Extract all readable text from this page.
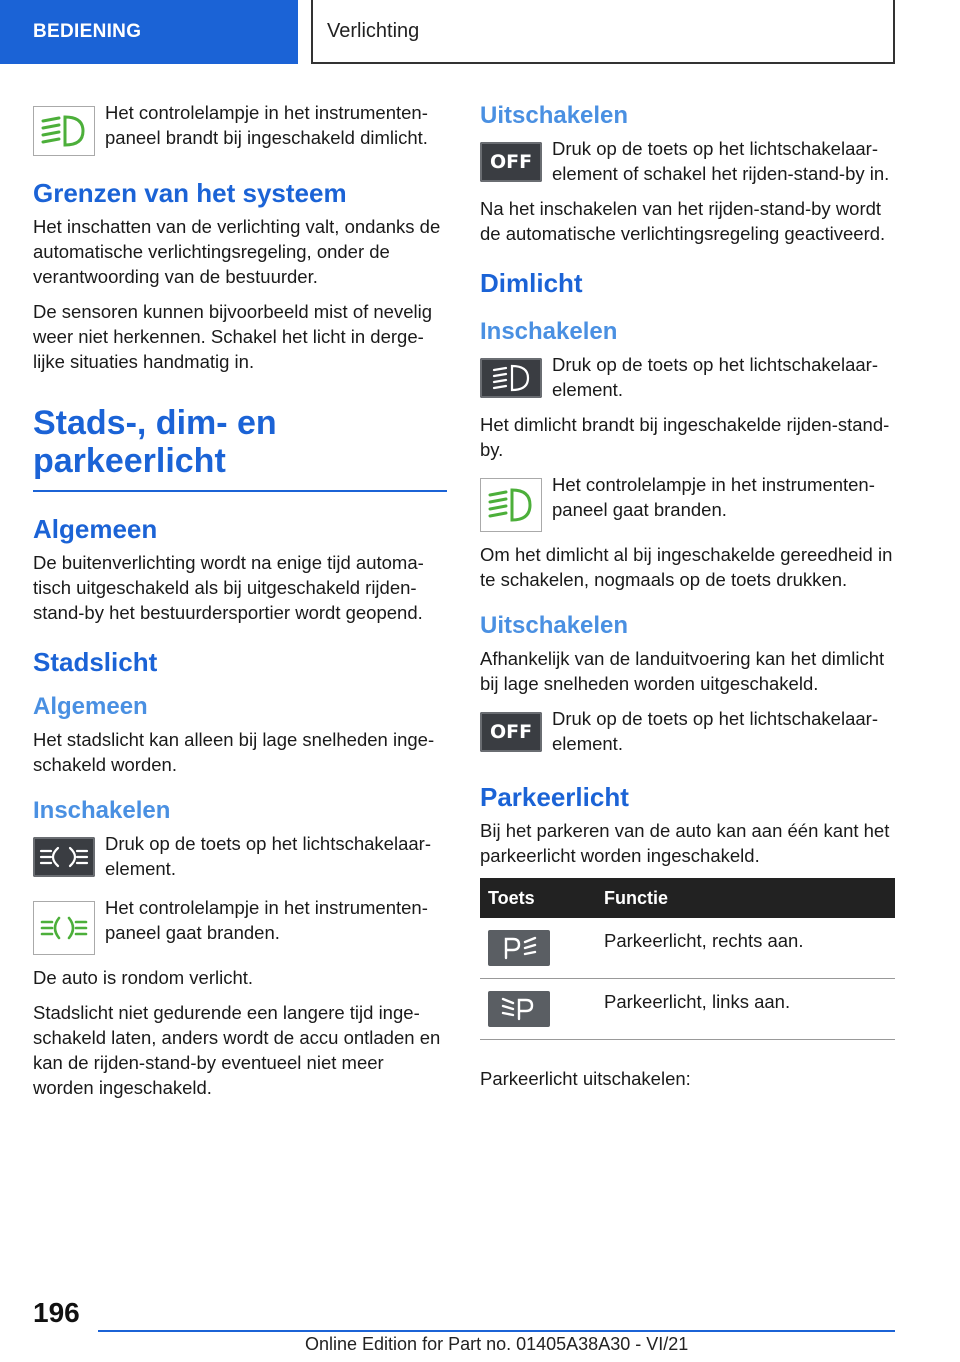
BEDIENING	Verlichting
Het controlelampje in het instrumentenpaneel brandt bij ingeschakeld dimlicht.
Grenzen van het systeem

Het inschatten van de verlichting valt, ondanks de automatische verlichtingsregeling, onder de verantwoording van de bestuurder.

De sensoren kunnen bijvoorbeeld mist of nevelig weer niet herkennen. Schakel het licht in dergelijke situaties handmatig in.

Stads-, dim- en parkeerlicht
Algemeen

De buitenverlichting wordt na enige tijd automatisch uitgeschakeld als bij uitgeschakeld rijden-stand-by het bestuurdersportier wordt geopend.

Stadslicht
Algemeen

Het stadslicht kan alleen bij lage snelheden ingeschakeld worden.

Inschakelen
Druk op de toets op het lichtschakelaarelement.
Het controlelampje in het instrumentenpaneel gaat branden.

De auto is rondom verlicht.

Stadslicht niet gedurende een langere tijd ingeschakeld laten, anders wordt de accu ontladen en kan de rijden-stand-by eventueel niet meer worden ingeschakeld.

Uitschakelen
OFF
Druk op de toets op het lichtschakelaarelement of schakel het rijden-stand-by in.

Na het inschakelen van het rijden-stand-by wordt de automatische verlichtingsregeling geactiveerd.

Dimlicht
Inschakelen
Druk op de toets op het lichtschakelaarelement.

Het dimlicht brandt bij ingeschakelde rijden-stand-by.

Het controlelampje in het instrumentenpaneel gaat branden.

Om het dimlicht al bij ingeschakelde gereedheid in te schakelen, nogmaals op de toets drukken.

Uitschakelen

Afhankelijk van de landuitvoering kan het dimlicht bij lage snelheden worden uitgeschakeld.

OFF
Druk op de toets op het lichtschakelaarelement.
Parkeerlicht

Bij het parkeren van de auto kan aan één kant het parkeerlicht worden ingeschakeld.

Toets	Functie

	Parkeerlicht, rechts aan.

	Parkeerlicht, links aan.

Parkeerlicht uitschakelen:

196
Online Edition for Part no. 01405A38A30 - VI/21
